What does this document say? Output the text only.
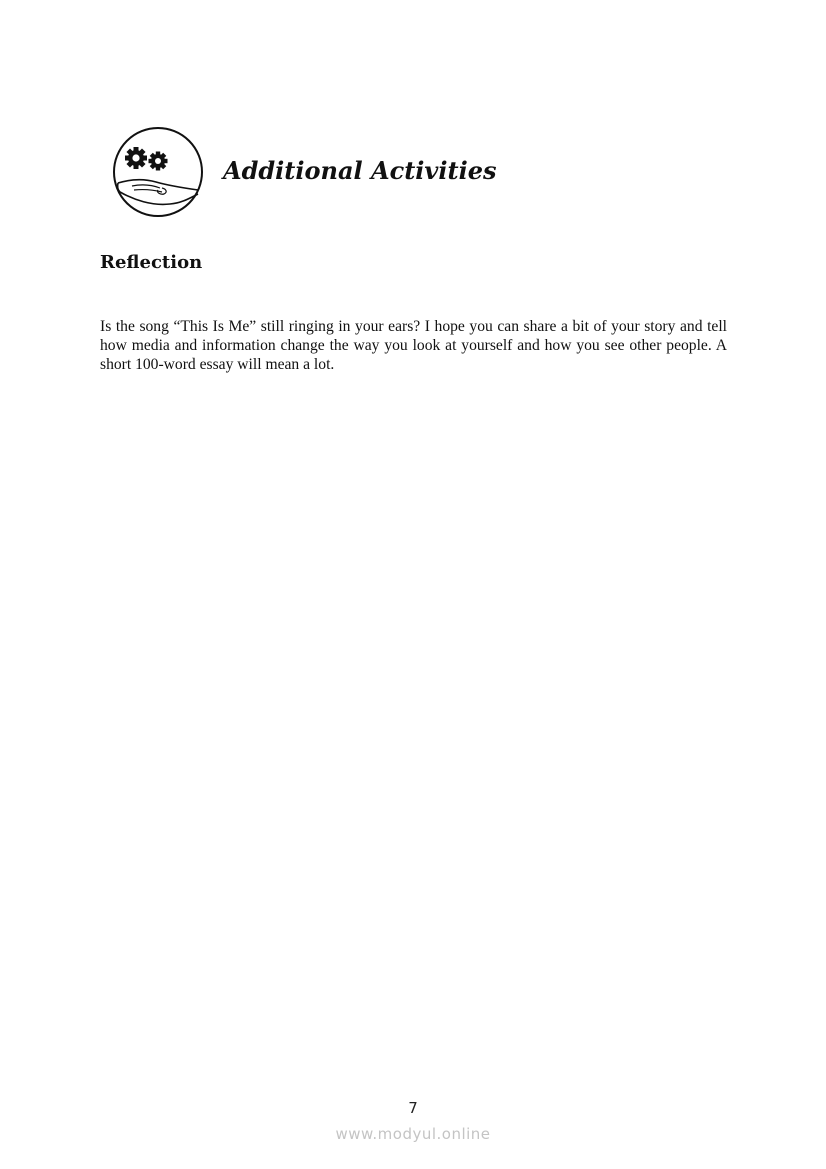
Additional Activities
Reflection

Is the song “This Is Me” still ringing in your ears? I hope you can share a bit of your story and tell how media and information change the way you look at yourself and how you see other people. A short 100-word essay will mean a lot.

7
www.modyul.online
